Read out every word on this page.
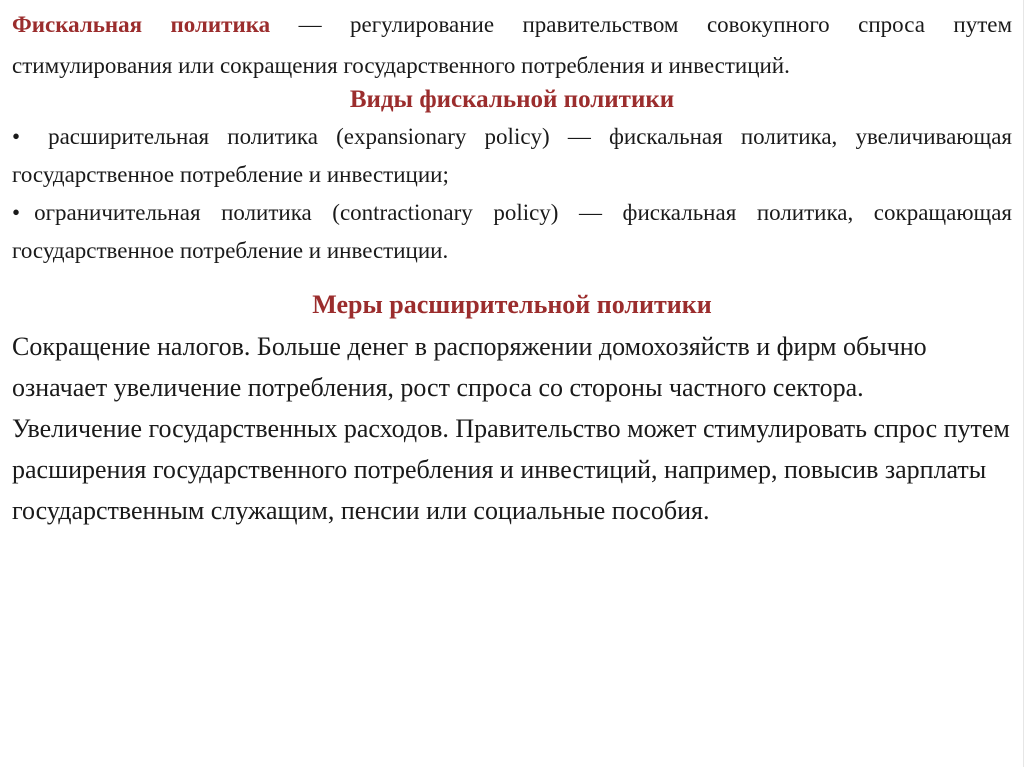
Фискальная политика — регулирование правительством совокупного спроса путем стимулирования или сокращения государственного потребления и инвестиций.

Виды фискальной политики
• расширительная политика (expansionary policy) — фискальная политика, увеличивающая государственное потребление и инвестиции;
• ограничительная политика (contractionary policy) — фискальная политика, сокращающая государственное потребление и инвестиции.
Меры расширительной политики

Сокращение налогов. Больше денег в распоряжении домохозяйств и фирм обычно означает увеличение потребления, рост спроса со стороны частного сектора.

Увеличение государственных расходов. Правительство может стимулировать спрос путем расширения государственного потребления и инвестиций, например, повысив зарплаты государственным служащим, пенсии или социальные пособия.
